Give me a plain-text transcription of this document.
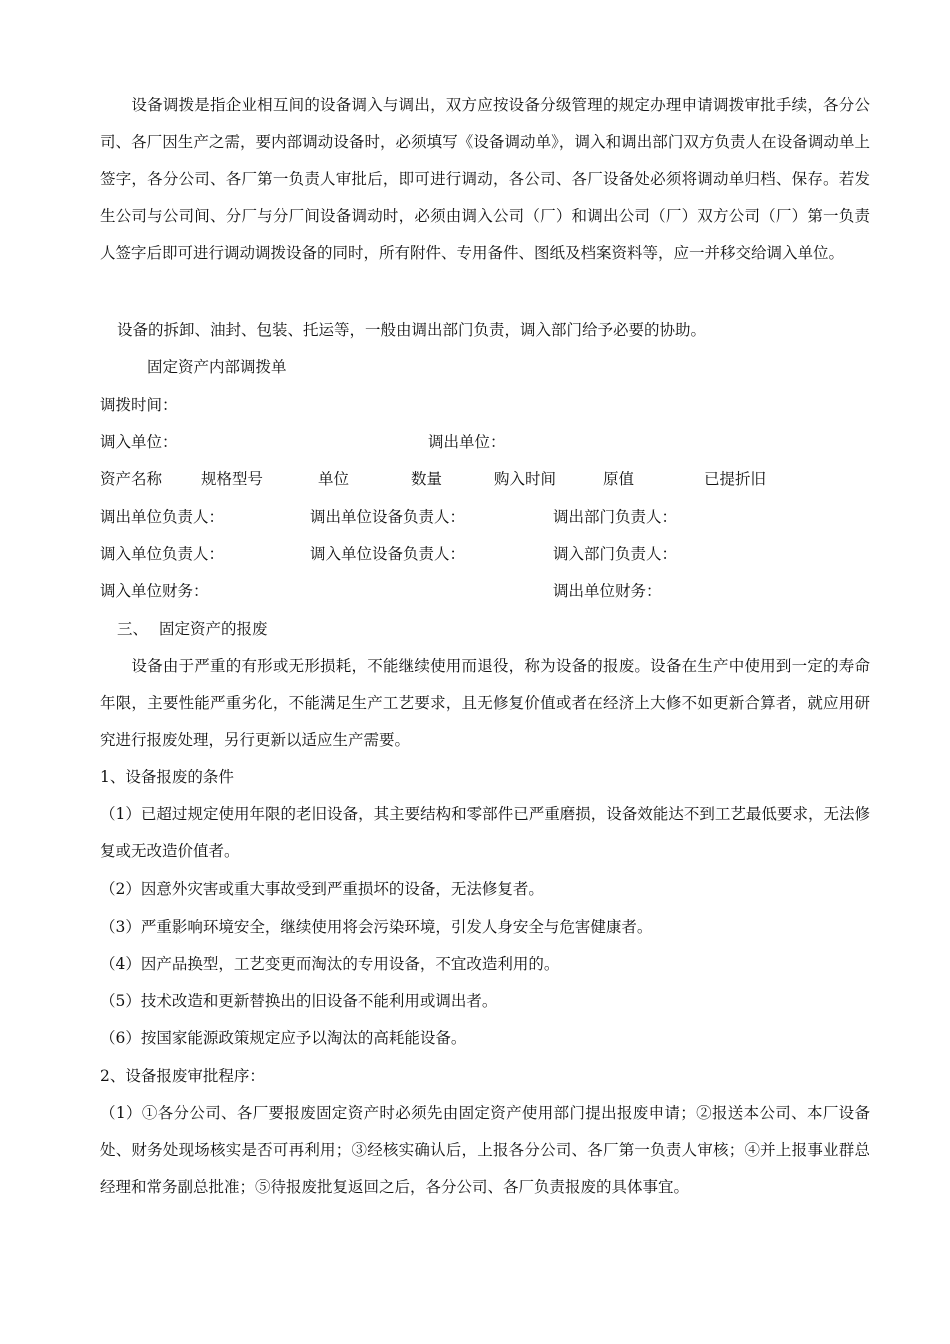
　　设备调拨是指企业相互间的设备调入与调出，双方应按设备分级管理的规定办理申请调拨审批手续，各分公司、各厂因生产之需，要内部调动设备时，必须填写《设备调动单》，调入和调出部门双方负责人在设备调动单上签字，各分公司、各厂第一负责人审批后，即可进行调动，各公司、各厂设备处必须将调动单归档、保存。若发生公司与公司间、分厂与分厂间设备调动时，必须由调入公司（厂）和调出公司（厂）双方公司（厂）第一负责人签字后即可进行调动调拨设备的同时，所有附件、专用备件、图纸及档案资料等，应一并移交给调入单位。
设备的拆卸、油封、包装、托运等，一般由调出部门负责，调入部门给予必要的协助。
固定资产内部调拨单
调拨时间：
调入单位：	调出单位：
资产名称	规格型号	单位	数量	购入时间	原值	已提折旧
调出单位负责人：	调出单位设备负责人：	调出部门负责人：
调入单位负责人：	调入单位设备负责人：	调入部门负责人：
调入单位财务：	调出单位财务：
三、 固定资产的报废
　　设备由于严重的有形或无形损耗，不能继续使用而退役，称为设备的报废。设备在生产中使用到一定的寿命年限，主要性能严重劣化，不能满足生产工艺要求，且无修复价值或者在经济上大修不如更新合算者，就应用研究进行报废处理，另行更新以适应生产需要。
1、设备报废的条件
（1）已超过规定使用年限的老旧设备，其主要结构和零部件已严重磨损，设备效能达不到工艺最低要求，无法修复或无改造价值者。
（2）因意外灾害或重大事故受到严重损坏的设备，无法修复者。
（3）严重影响环境安全，继续使用将会污染环境，引发人身安全与危害健康者。
（4）因产品换型，工艺变更而淘汰的专用设备，不宜改造利用的。
（5）技术改造和更新替换出的旧设备不能利用或调出者。
（6）按国家能源政策规定应予以淘汰的高耗能设备。
2、设备报废审批程序：
（1）①各分公司、各厂要报废固定资产时必须先由固定资产使用部门提出报废申请；②报送本公司、本厂设备处、财务处现场核实是否可再利用；③经核实确认后，上报各分公司、各厂第一负责人审核；④并上报事业群总经理和常务副总批准；⑤待报废批复返回之后，各分公司、各厂负责报废的具体事宜。
